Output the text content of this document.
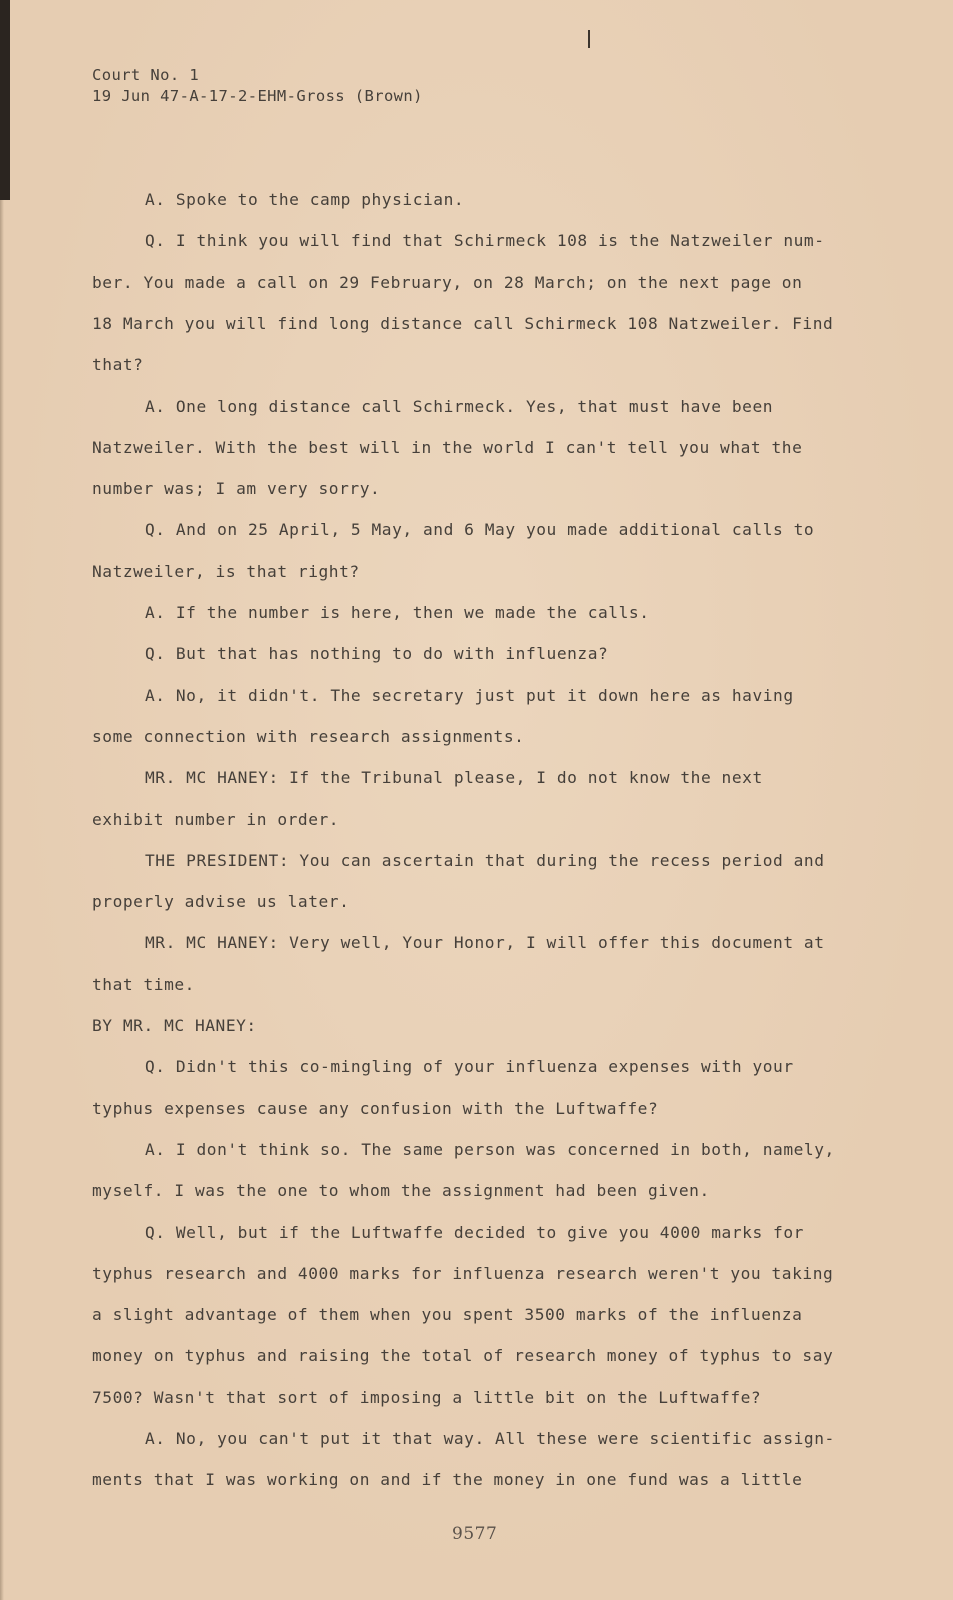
Court No. 1
19 Jun 47-A-17-2-EHM-Gross (Brown)
A. Spoke to the camp physician.
Q. I think you will find that Schirmeck 108 is the Natzweiler num-
ber. You made a call on 29 February, on 28 March; on the next page on
18 March you will find long distance call Schirmeck 108 Natzweiler. Find
that?
A. One long distance call Schirmeck. Yes, that must have been
Natzweiler. With the best will in the world I can't tell you what the
number was; I am very sorry.
Q. And on 25 April, 5 May, and 6 May you made additional calls to
Natzweiler, is that right?
A. If the number is here, then we made the calls.
Q. But that has nothing to do with influenza?
A. No, it didn't. The secretary just put it down here as having
some connection with research assignments.
MR. MC HANEY: If the Tribunal please, I do not know the next
exhibit number in order.
THE PRESIDENT: You can ascertain that during the recess period and
properly advise us later.
MR. MC HANEY: Very well, Your Honor, I will offer this document at
that time.
BY MR. MC HANEY:
Q. Didn't this co-mingling of your influenza expenses with your
typhus expenses cause any confusion with the Luftwaffe?
A. I don't think so. The same person was concerned in both, namely,
myself. I was the one to whom the assignment had been given.
Q. Well, but if the Luftwaffe decided to give you 4000 marks for
typhus research and 4000 marks for influenza research weren't you taking
a slight advantage of them when you spent 3500 marks of the influenza
money on typhus and raising the total of research money of typhus to say
7500? Wasn't that sort of imposing a little bit on the Luftwaffe?
A. No, you can't put it that way. All these were scientific assign-
ments that I was working on and if the money in one fund was a little
9577
